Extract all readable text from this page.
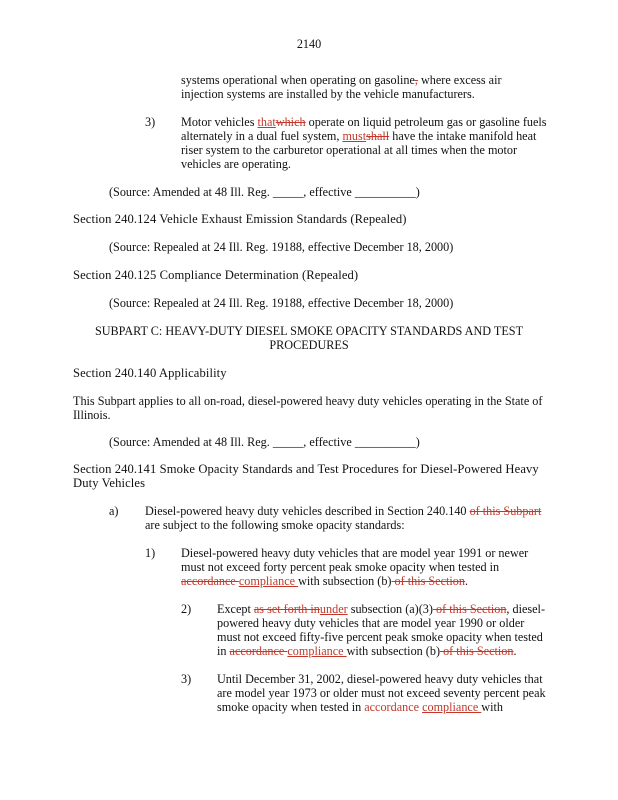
2140
systems operational when operating on gasoline, where excess air
injection systems are installed by the vehicle manufacturers.
3) Motor vehicles thatwhich operate on liquid petroleum gas or gasoline fuels
alternately in a dual fuel system, mustshall have the intake manifold heat
riser system to the carburetor operational at all times when the motor
vehicles are operating.
(Source: Amended at 48 Ill. Reg. _____, effective __________)
Section 240.124 Vehicle Exhaust Emission Standards (Repealed)
(Source: Repealed at 24 Ill. Reg. 19188, effective December 18, 2000)
Section 240.125 Compliance Determination (Repealed)
(Source: Repealed at 24 Ill. Reg. 19188, effective December 18, 2000)
SUBPART C: HEAVY-DUTY DIESEL SMOKE OPACITY STANDARDS AND TEST
PROCEDURES
Section 240.140 Applicability
This Subpart applies to all on-road, diesel-powered heavy duty vehicles operating in the State of
Illinois.
(Source: Amended at 48 Ill. Reg. _____, effective __________)
Section 240.141 Smoke Opacity Standards and Test Procedures for Diesel-Powered Heavy
Duty Vehicles
a) Diesel-powered heavy duty vehicles described in Section 240.140 of this Subpart
are subject to the following smoke opacity standards:
1) Diesel-powered heavy duty vehicles that are model year 1991 or newer
must not exceed forty percent peak smoke opacity when tested in
accordance compliance with subsection (b) of this Section.
2) Except as set forth inunder subsection (a)(3) of this Section, diesel-
powered heavy duty vehicles that are model year 1990 or older
must not exceed fifty-five percent peak smoke opacity when tested
in accordance compliance with subsection (b) of this Section.
3) Until December 31, 2002, diesel-powered heavy duty vehicles that
are model year 1973 or older must not exceed seventy percent peak
smoke opacity when tested in accordance compliance with
